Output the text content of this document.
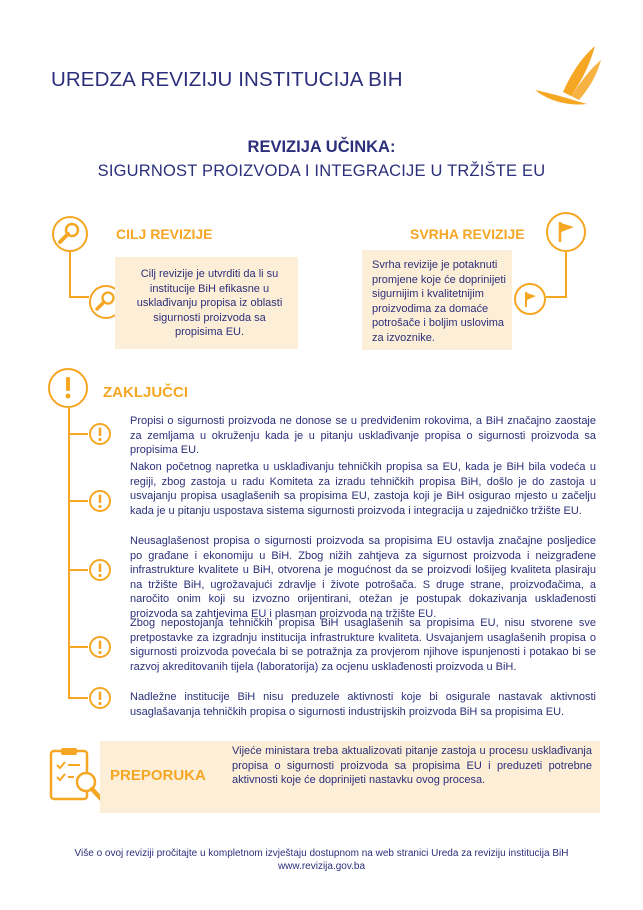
UREDZA REVIZIJU INSTITUCIJA BIH
REVIZIJA UČINKA:
SIGURNOST PROIZVODA I INTEGRACIJE U TRŽIŠTE EU
CILJ REVIZIJE
Cilj revizije je utvrditi da li su institucije BiH efikasne u usklađivanju propisa iz oblasti sigurnosti proizvoda sa propisima EU.
SVRHA REVIZIJE
Svrha revizije je potaknuti promjene koje će doprinijeti sigurnijim i kvalitetnijim proizvodima za domaće potrošače i boljim uslovima za izvoznike.
ZAKLJUČCI
Propisi o sigurnosti proizvoda ne donose se u predviđenim rokovima, a BiH značajno zaostaje za zemljama u okruženju kada je u pitanju usklađivanje propisa o sigurnosti proizvoda sa propisima EU.
Nakon početnog napretka u usklađivanju tehničkih propisa sa EU, kada je BiH bila vodeća u regiji, zbog zastoja u radu Komiteta za izradu tehničkih propisa BiH, došlo je do zastoja u usvajanju propisa usaglašenih sa propisima EU, zastoja koji je BiH osigurao mjesto u začelju kada je u pitanju uspostava sistema sigurnosti proizvoda i integracija u zajedničko tržište EU.
Neusaglašenost propisa o sigurnosti proizvoda sa propisima EU ostavlja značajne posljedice po građane i ekonomiju u BiH. Zbog nižih zahtjeva za sigurnost proizvoda i neizgrađene infrastrukture kvalitete u BiH, otvorena je mogućnost da se proizvodi lošijeg kvaliteta plasiraju na tržište BiH, ugrožavajući zdravlje i živote potrošača. S druge strane, proizvođačima, a naročito onim koji su izvozno orijentirani, otežan je postupak dokazivanja usklađenosti proizvoda sa zahtjevima EU i plasman proizvoda na tržište EU.
Zbog nepostojanja tehničkih propisa BiH usaglašenih sa propisima EU, nisu stvorene sve pretpostavke za izgradnju institucija infrastrukture kvaliteta. Usvajanjem usaglašenih propisa o sigurnosti proizvoda povećala bi se potražnja za provjerom njihove ispunjenosti i potakao bi se razvoj akreditovanih tijela (laboratorija) za ocjenu usklađenosti proizvoda u BiH.
Nadležne institucije BiH nisu preduzele aktivnosti koje bi osigurale nastavak aktivnosti usaglašavanja tehničkih propisa o sigurnosti industrijskih proizvoda BiH sa propisima EU.
PREPORUKA
Vijeće ministara treba aktualizovati pitanje zastoja u procesu usklađivanja propisa o sigurnosti proizvoda sa propisima EU i preduzeti potrebne aktivnosti koje će doprinijeti nastavku ovog procesa.
Više o ovoj reviziji pročitajte u kompletnom izvještaju dostupnom na web stranici Ureda za reviziju institucija BiH
www.revizija.gov.ba
